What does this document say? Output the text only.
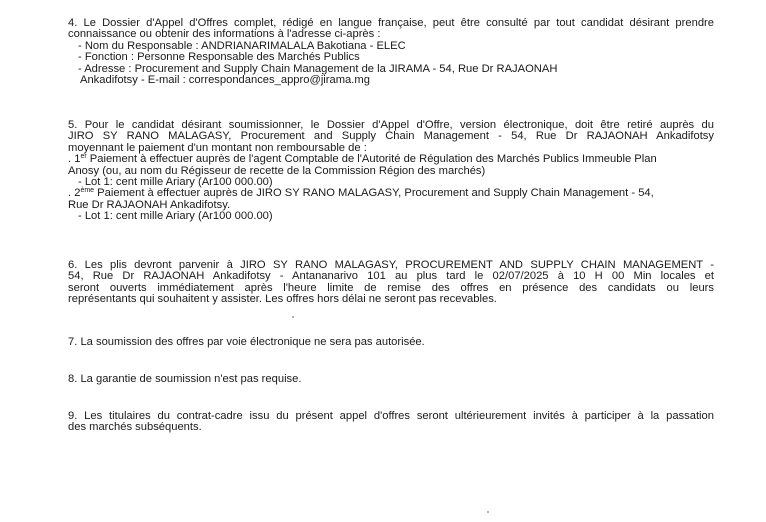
4. Le Dossier d'Appel d'Offres complet, rédigé en langue française, peut être consulté par tout candidat désirant prendre
connaissance ou obtenir des informations à l'adresse ci-après :
- Nom du Responsable : ANDRIANARIMALALA Bakotiana - ELEC
- Fonction : Personne Responsable des Marchés Publics
- Adresse : Procurement and Supply Chain Management de la JIRAMA - 54, Rue Dr RAJAONAH
Ankadifotsy - E-mail : correspondances_appro@jirama.mg
5. Pour le candidat désirant soumissionner, le Dossier d'Appel d'Offre, version électronique, doit être retiré auprès du
JIRO SY RANO MALAGASY, Procurement and Supply Chain Management - 54, Rue Dr RAJAONAH Ankadifotsy
moyennant le paiement d'un montant non remboursable de :
. 1er Paiement à effectuer auprès de l'agent Comptable de l'Autorité de Régulation des Marchés Publics Immeuble Plan
Anosy (ou, au nom du Régisseur de recette de la Commission Région des marchés)
- Lot 1: cent mille Ariary (Ar100 000.00)
. 2ème Paiement à effectuer auprès de JIRO SY RANO MALAGASY, Procurement and Supply Chain Management - 54,
Rue Dr RAJAONAH Ankadifotsy.
- Lot 1: cent mille Ariary (Ar100 000.00)
6. Les plis devront parvenir à JIRO SY RANO MALAGASY, PROCUREMENT AND SUPPLY CHAIN MANAGEMENT -
54, Rue Dr RAJAONAH Ankadifotsy - Antananarivo 101 au plus tard le 02/07/2025 à 10 H 00 Min locales et
seront ouverts immédiatement après l'heure limite de remise des offres en présence des candidats ou leurs
représentants qui souhaitent y assister. Les offres hors délai ne seront pas recevables.
7. La soumission des offres par voie électronique ne sera pas autorisée.
8. La garantie de soumission n'est pas requise.
9. Les titulaires du contrat-cadre issu du présent appel d'offres seront ultérieurement invités à participer à la passation
des marchés subséquents.
